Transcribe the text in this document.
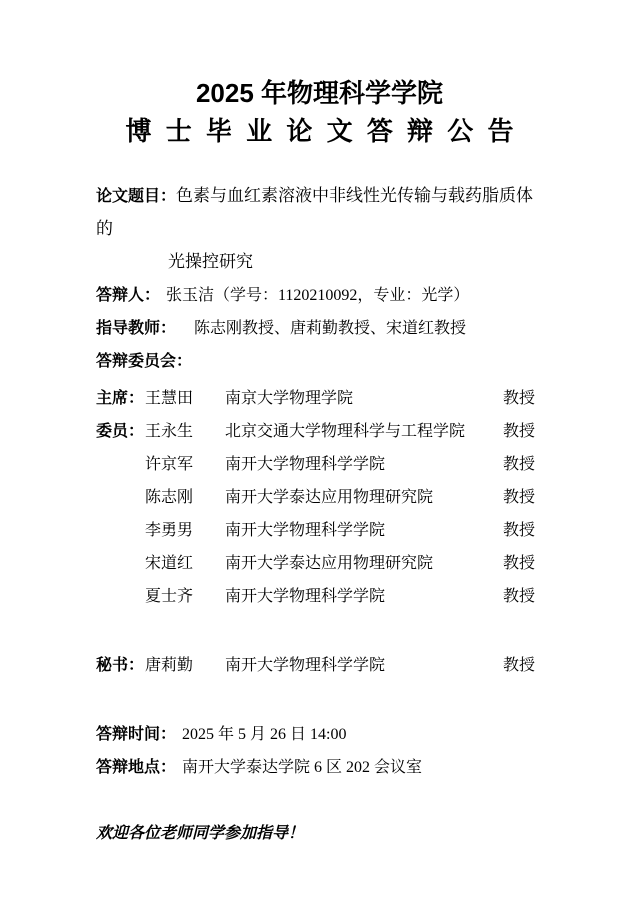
2025 年物理科学学院
博 士 毕 业 论 文 答 辩 公 告
论文题目：色素与血红素溶液中非线性光传输与载药脂质体的
光操控研究
答辩人： 张玉洁（学号：1120210092，专业：光学）
指导教师： 陈志刚教授、唐莉勤教授、宋道红教授
答辩委员会：
主席： 王慧田	南京大学物理学院	教授
委员： 王永生	北京交通大学物理科学与工程学院	教授
许京军	南开大学物理科学学院	教授
陈志刚	南开大学泰达应用物理研究院	教授
李勇男	南开大学物理科学学院	教授
宋道红	南开大学泰达应用物理研究院	教授
夏士齐	南开大学物理科学学院	教授
秘书： 唐莉勤	南开大学物理科学学院	教授
答辩时间： 2025 年 5 月 26 日 14:00
答辩地点： 南开大学泰达学院 6 区 202 会议室
欢迎各位老师同学参加指导！
